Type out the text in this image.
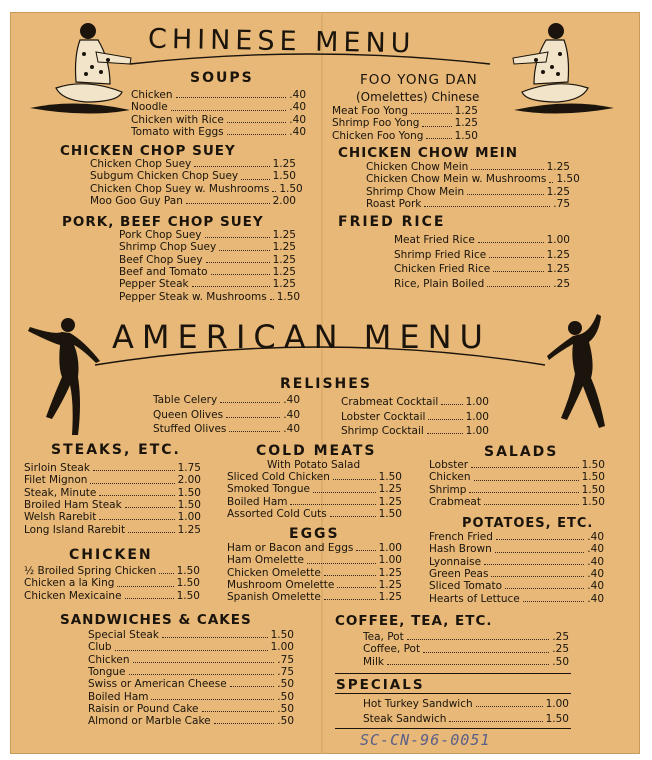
CHINESE MENU
SOUPS
Chicken	.40
Noodle	.40
Chicken with Rice	.40
Tomato with Eggs	.40
FOO YONG DAN
(Omelettes) Chinese
Meat Foo Yong	1.25
Shrimp Foo Yong	1.25
Chicken Foo Yong	1.50
CHICKEN CHOP SUEY
Chicken Chop Suey	1.25
Subgum Chicken Chop Suey	1.50
Chicken Chop Suey w. Mushrooms 1.50
Moo Goo Guy Pan	2.00
CHICKEN CHOW MEIN
Chicken Chow Mein	1.25
Chicken Chow Mein w. Mushrooms 1.50
Shrimp Chow Mein	1.25
Roast Pork	.75
PORK, BEEF CHOP SUEY
Pork Chop Suey	1.25
Shrimp Chop Suey	1.25
Beef Chop Suey	1.25
Beef and Tomato	1.25
Pepper Steak	1.25
Pepper Steak w. Mushrooms 1.50
FRIED RICE
Meat Fried Rice	1.00
Shrimp Fried Rice	1.25
Chicken Fried Rice	1.25
Rice, Plain Boiled	.25
AMERICAN MENU
RELISHES
Table Celery	.40
Queen Olives	.40
Stuffed Olives	.40
Crabmeat Cocktail	1.00
Lobster Cocktail	1.00
Shrimp Cocktail	1.00
STEAKS, ETC.
Sirloin Steak	1.75
Filet Mignon	2.00
Steak, Minute	1.50
Broiled Ham Steak	1.50
Welsh Rarebit	1.00
Long Island Rarebit	1.25
COLD MEATS
With Potato Salad
Sliced Cold Chicken	1.50
Smoked Tongue	1.25
Boiled Ham	1.25
Assorted Cold Cuts	1.50
SALADS
Lobster	1.50
Chicken	1.50
Shrimp	1.50
Crabmeat	1.50
CHICKEN
½ Broiled Spring Chicken 1.50
Chicken a la King	1.50
Chicken Mexicaine	1.50
EGGS
Ham or Bacon and Eggs 1.00
Ham Omelette	1.00
Chicken Omelette	1.25
Mushroom Omelette	1.25
Spanish Omelette	1.25
POTATOES, ETC.
French Fried	.40
Hash Brown	.40
Lyonnaise	.40
Green Peas	.40
Sliced Tomato	.40
Hearts of Lettuce	.40
SANDWICHES & CAKES
Special Steak	1.50
Club	1.00
Chicken	.75
Tongue	.75
Swiss or American Cheese	.50
Boiled Ham	.50
Raisin or Pound Cake	.50
Almond or Marble Cake	.50
COFFEE, TEA, ETC.
Tea, Pot	.25
Coffee, Pot	.25
Milk	.50
SPECIALS
Hot Turkey Sandwich	1.00
Steak Sandwich	1.50
SC-CN-96-0051
